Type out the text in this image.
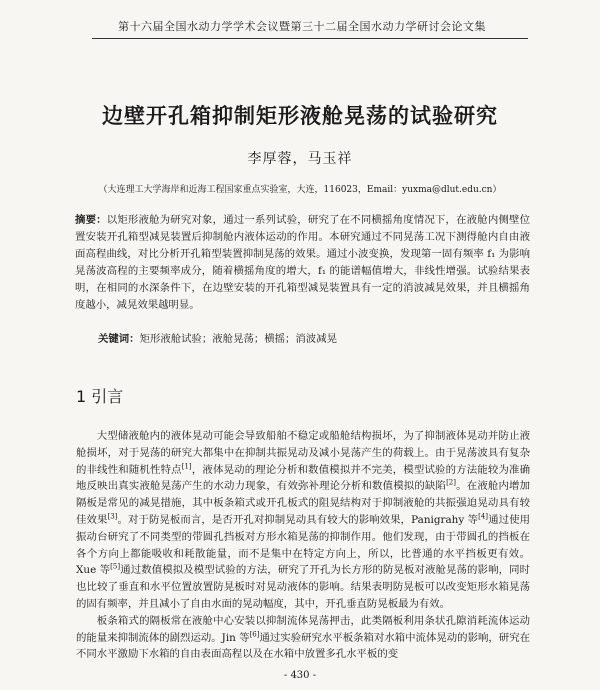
第十六届全国水动力学学术会议暨第三十二届全国水动力学研讨会论文集
边壁开孔箱抑制矩形液舱晃荡的试验研究
李厚蓉，马玉祥
（大连理工大学海岸和近海工程国家重点实验室，大连，116023，Email：yuxma@dlut.edu.cn）
摘要：以矩形液舱为研究对象，通过一系列试验，研究了在不同横摇角度情况下，在液舱内侧壁位置安装开孔箱型减晃装置后抑制舱内液体运动的作用。本研究通过不同晃荡工况下测得舱内自由液面高程曲线，对比分析开孔箱型装置抑制晃荡的效果。通过小波变换，发现第一固有频率 f₁ 为影响晃荡波高程的主要频率成分，随着横摇角度的增大，f₁ 的能谱幅值增大，非线性增强。试验结果表明，在相同的水深条件下，在边壁安装的开孔箱型减晃装置具有一定的消波减晃效果，并且横摇角度越小，减晃效果越明显。
关键词：矩形液舱试验；液舱晃荡；横摇；消波减晃
1 引言

大型储液舱内的液体晃动可能会导致船舶不稳定或船舱结构损坏，为了抑制液体晃动并防止液舱损坏，对于晃荡的研究大都集中在抑制共振晃动及减小晃荡产生的荷载上。由于晃荡波具有复杂的非线性和随机性特点[1]，液体晃动的理论分析和数值模拟并不完美，模型试验的方法能较为准确地反映出真实液舱晃荡产生的水动力现象，有效弥补理论分析和数值模拟的缺陷[2]。在液舱内增加隔板是常见的减晃措施，其中板条箱式或开孔板式的阻晃结构对于抑制液舱的共振强迫晃动具有较佳效果[3]。对于防晃板而言，是否开孔对抑制晃动具有较大的影响效果，Panigrahy 等[4]通过使用振动台研究了不同类型的带圆孔挡板对方形水箱晃荡的抑制作用。他们发现，由于带圆孔的挡板在各个方向上都能吸收和耗散能量，而不是集中在特定方向上，所以，比普通的水平挡板更有效。Xue 等[5]通过数值模拟及模型试验的方法，研究了开孔为长方形的防晃板对液舱晃荡的影响，同时也比较了垂直和水平位置放置防晃板时对晃动液体的影响。结果表明防晃板可以改变矩形水箱晃荡的固有频率，并且减小了自由水面的晃动幅度，其中，开孔垂直防晃板最为有效。

板条箱式的隔板常在液舱中心安装以抑制流体晃荡押击，此类隔板利用条状孔隙消耗流体运动的能量来抑制流体的剧烈运动。Jin 等[6]通过实验研究水平板条箱对水箱中流体晃动的影响，研究在不同水平激励下水箱的自由表面高程以及在水箱中放置多孔水平板的变

- 430 -
